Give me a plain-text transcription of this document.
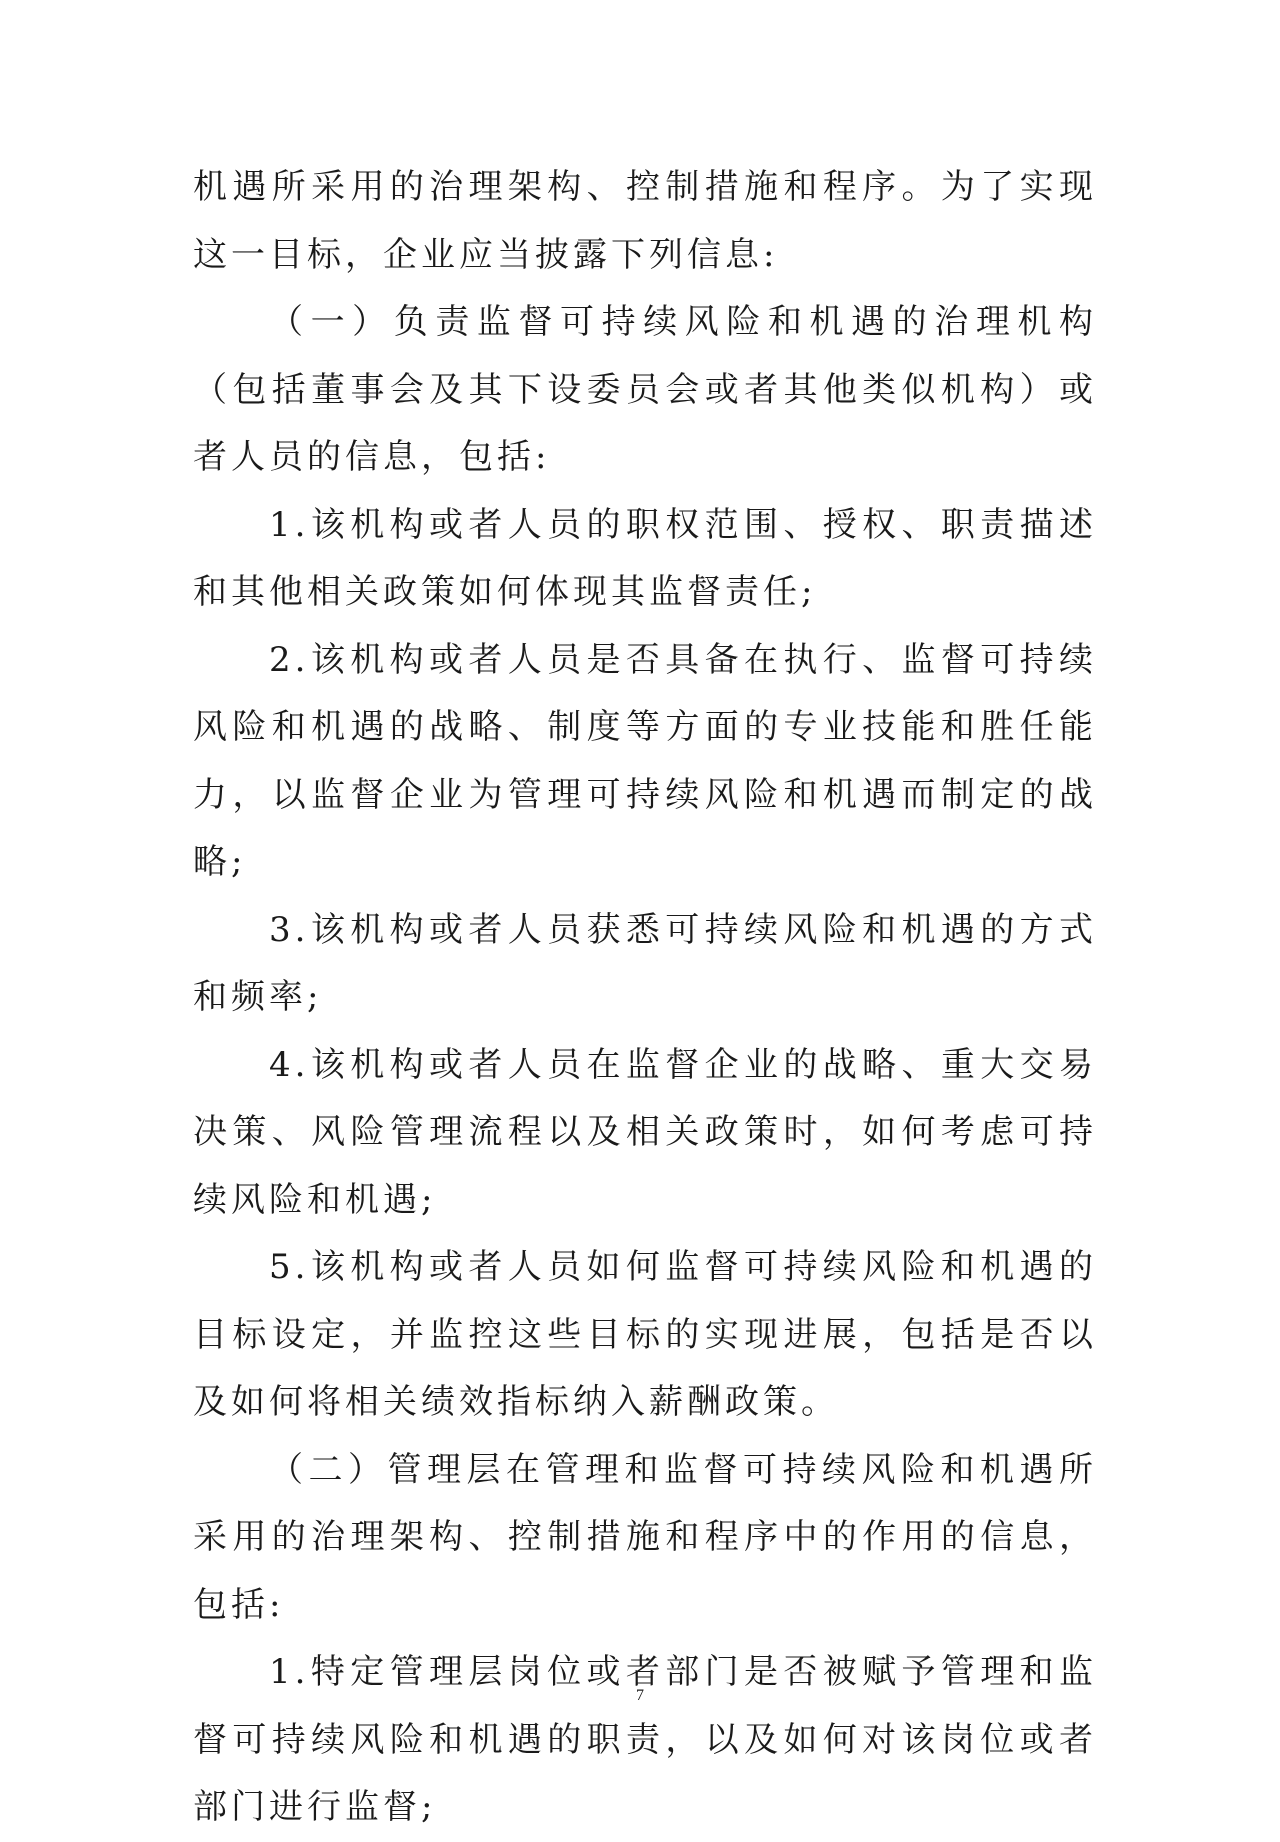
机遇所采用的治理架构、控制措施和程序。为了实现这一目标，企业应当披露下列信息:

（一）负责监督可持续风险和机遇的治理机构（包括董事会及其下设委员会或者其他类似机构）或者人员的信息，包括:

1.该机构或者人员的职权范围、授权、职责描述和其他相关政策如何体现其监督责任;

2.该机构或者人员是否具备在执行、监督可持续风险和机遇的战略、制度等方面的专业技能和胜任能力，以监督企业为管理可持续风险和机遇而制定的战略;

3.该机构或者人员获悉可持续风险和机遇的方式和频率;

4.该机构或者人员在监督企业的战略、重大交易决策、风险管理流程以及相关政策时，如何考虑可持续风险和机遇;

5.该机构或者人员如何监督可持续风险和机遇的目标设定，并监控这些目标的实现进展，包括是否以及如何将相关绩效指标纳入薪酬政策。

（二）管理层在管理和监督可持续风险和机遇所采用的治理架构、控制措施和程序中的作用的信息，包括:

1.特定管理层岗位或者部门是否被赋予管理和监督可持续风险和机遇的职责，以及如何对该岗位或者部门进行监督;

7
